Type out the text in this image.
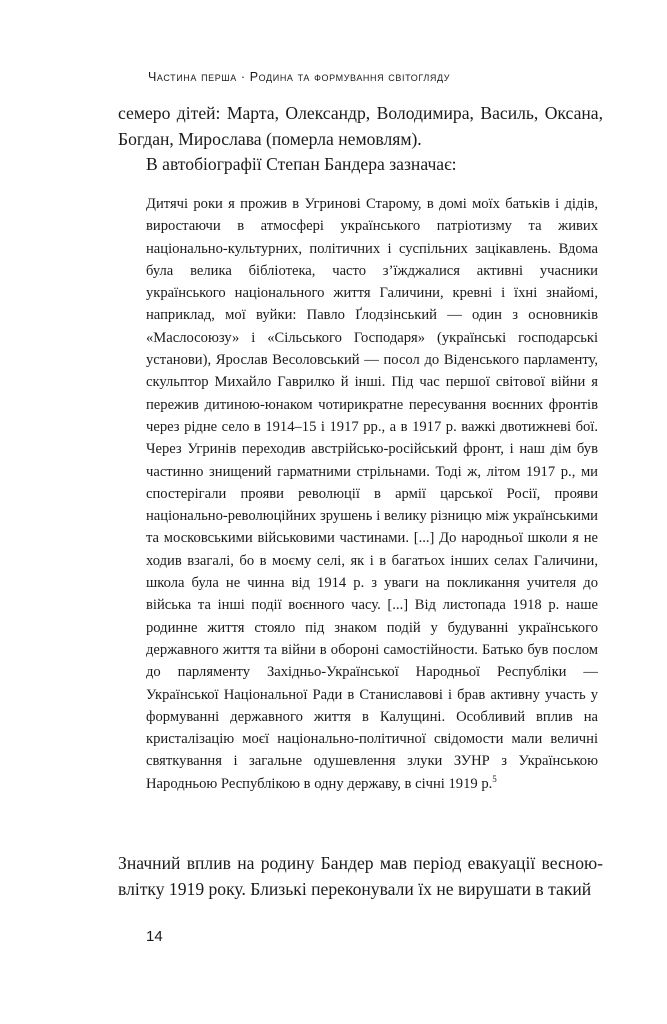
Частина перша · Родина та формування світогляду

семеро дітей: Марта, Олександр, Володимира, Василь, Оксана, Богдан, Мирослава (померла немовлям).

В автобіографії Степан Бандера зазначає:

Дитячі роки я прожив в Угринові Старому, в домі моїх батьків і дідів, виростаючи в атмосфері українського патріотизму та живих національно-культурних, політичних і суспільних зацікавлень. Вдома була велика бібліотека, часто з’їжджалися активні учасники українського національного життя Галичини, кревні і їхні знайомі, наприклад, мої вуйки: Павло Ґлодзінський — один з основників «Маслосоюзу» і «Сільського Господаря» (українські господарські установи), Ярослав Весоловський — посол до Віденського парламенту, скульптор Михайло Гаврилко й інші. Під час першої світової війни я пережив дитиною-юнаком чотирикратне пересування воєнних фронтів через рідне село в 1914–15 і 1917 рр., а в 1917 р. важкі двотижневі бої. Через Угринів переходив австрійсько-російський фронт, і наш дім був частинно знищений гарматними стрільнами. Тоді ж, літом 1917 р., ми спостерігали прояви революції в армії царської Росії, прояви національно-революційних зрушень і велику різницю між українськими та московськими військовими частинами. [...] До народньої школи я не ходив взагалі, бо в моєму селі, як і в багатьох інших селах Галичини, школа була не чинна від 1914 р. з уваги на покликання учителя до війська та інші події воєнного часу. [...] Від листопада 1918 р. наше родинне життя стояло під знаком подій у будуванні українського державного життя та війни в обороні самостійности. Батько був послом до парляменту Західньо-Української Народньої Республіки — Української Національної Ради в Станиславові і брав активну участь у формуванні державного життя в Калущині. Особливий вплив на кристалізацію моєї національно-політичної свідомости мали величні святкування і загальне одушевлення злуки ЗУНР з Українською Народньою Республікою в одну державу, в січні 1919 р.$^5$

Значний вплив на родину Бандер мав період евакуації весною-влітку 1919 року. Близькі переконували їх не вирушати в такий

14
